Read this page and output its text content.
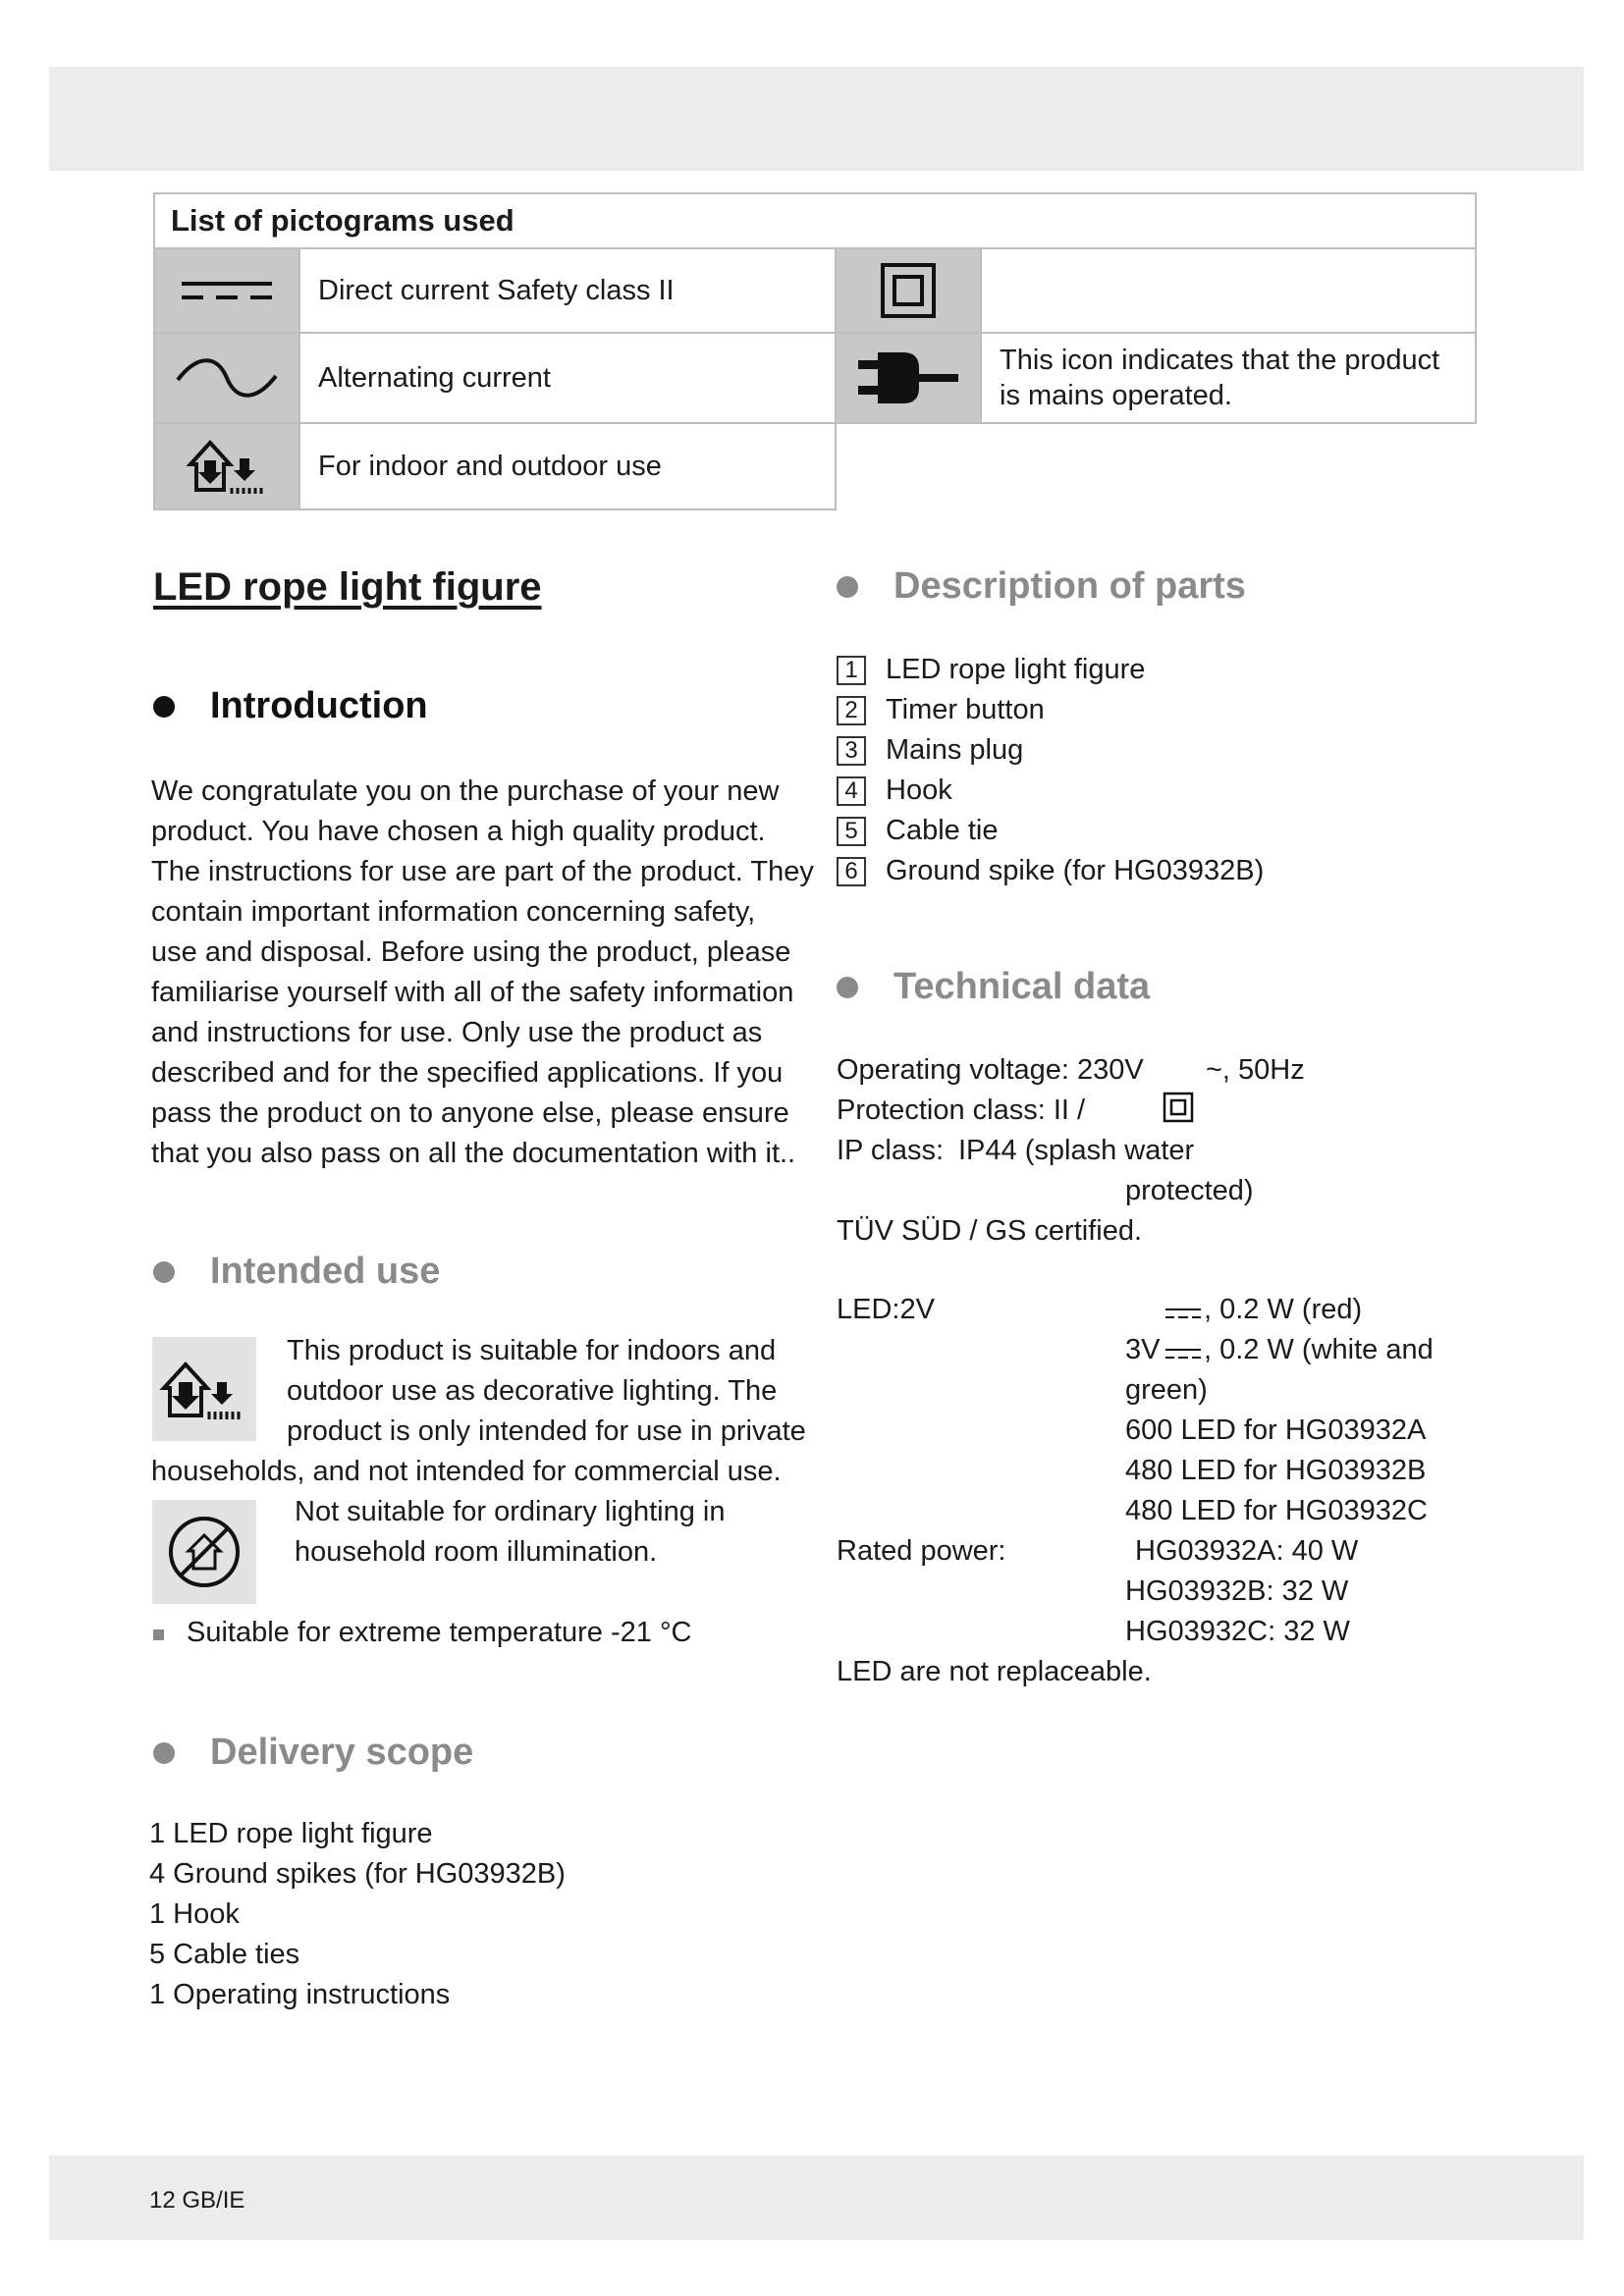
List of pictograms used			

	Direct current Safety class II	

	Alternating current		This icon indicates that the product
is mains operated.

	For indoor and outdoor use		
LED rope light figure
Introduction
We congratulate you on the purchase of your new
product. You have chosen a high quality product.
The instructions for use are part of the product. They
contain important information concerning safety,
use and disposal. Before using the product, please
familiarise yourself with all of the safety information
and instructions for use. Only use the product as
described and for the specified applications. If you
pass the product on to anyone else, please ensure
that you also pass on all the documentation with it..
Intended use
This product is suitable for indoors and
outdoor use as decorative lighting. The
product is only intended for use in private
households, and not intended for commercial use.
Not suitable for ordinary lighting in
household room illumination.
Suitable for extreme temperature -21 °C
Delivery scope
1 LED rope light figure
4 Ground spikes (for HG03932B)
1 Hook
5 Cable ties
1 Operating instructions
Description of parts
1 LED rope light figure
2 Timer button
3 Mains plug
4 Hook
5 Cable tie
6 Ground spike (for HG03932B)
Technical data
Operating voltage: 230V ~, 50Hz
Protection class: II /
IP class: IP44 (splash water
protected)
TÜV SÜD / GS certified.
LED:2V	, 0.2 W (red)
3V , 0.2 W (white and
green)
600 LED for HG03932A
480 LED for HG03932B
480 LED for HG03932C
Rated power:	HG03932A: 40 W
HG03932B: 32 W
HG03932C: 32 W
LED are not replaceable.
12 GB/IE
